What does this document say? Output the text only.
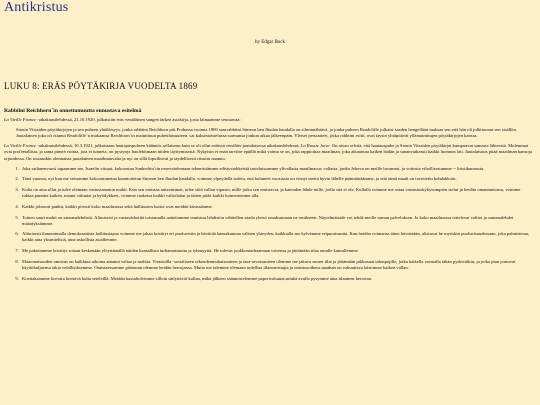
Antikristus
by Edgar Bock
LUKU 8: ERÄS PÖYTÄKIRJA VUODELTA 1869
Rabbiini Reichhorn´in onnettomuutta ennustava esitelmä

La Vieille France -aikakausilehdessä, 21.10.1920, julkaistiin eräs venäläinen sangen tärkeä asiakirja, josta lainaamme seuraavaa:

Sionin Viisaiden pöytäkirjojen ja sen puheen yhtäläisyys, jonka rabbiini Reichhorn piti Prahassa vuonna 1869 suurrabbiini Simeon ben Ihudan haudalla on silminnähtävä, ja jonka puheen Readcliffe julkaisi saaden hengellään maksaa sen että hän oli julkituonut sen sisällön. Juutalainen joka oli ottanut Readcliffe´n mukaansa Reichhorn´in mainittuun puhetilaisuuteen, sai kaksintaistelussa surmansa jonkun aikaa jälkeenpäin. Yleiset periaatteet, jotka rabbiini esitti, ovat täysin yhtäpitävät yllämainittujen pöytäkirjojen kanssa.

La Vieille France -aikakausilehdessä, 10.3.1921, julkaistaan hautajaispuheen käännös sellaisena kuin se oli ollut eräässä venäläis-juutalaisessa aikakauslehdessä, La Russie Juive. On aivan selvää, että hautauspuhe ja Sionin Viisaiden pöytäkirjat kumpuavat samasta lähteestä. Molemmat ovat profeetallisia, ja sama pimeä voima, jota ei tunneta, on pystynyt huolehtimaan niiden täyttymisestä. Nykyisin ei enää tarvitse epäillä mikä voima se on, joka rappioittaa maailman, joka aikaansaa kaiken hädän ja sananvaikeasti kaikki luonnon lait. Juutalaisuus pitää maailman kansoja orjuudessa. On tosiaankin olennaista juutalainen maailmanvalta ja nyt on sillä lopullisesti ja täydellisesti riisuttu naamio.

1. Joka sadanenvuosi tapaamme me, Israelin viisaat, kokoontua Sanhedrin´iin neuvottelemaan tekemistämme edistyssekkeisiä tasteluissamme ylivallasta maailmassa; vallasta, jonka Jehova on meille luvannut, ja voitosta vihollisestamme -- kristikunnasta.
2. Tänä vuonna, nyt kun me seisomme kokoontuneina kunnioitetun Simeon ben Ihudan haudalla, voimme ylpeydellä todeta, että kuluneet vuosisata on vienyt meitä hyvin lähelle päämääräämme, ja että tämä maali on tavoitettu kohdakkoin.
3. Kulta on aina ollut ja tulee olemaan vastustamaton mahti. Kun sen omistaa taitavimmat, tulee siitä vallan vipusin, niille jotka sen omistavat, ja kateuden lähde niille, joilla sitä ei ole. Kullalla voimme me ostaa vastustuskykyisimpien sielut ja heidän omantuntonsa, voimme ruhtaa punnita kaiken, mauut valuutat ja byödykkeet, voimme raaketsa kaikki valtiolaitat ja tätten pitää kaikki komentomme alla.
4. Kaikki johtavat pankit, kaikki pörssit koko maailmassa sekä hallitusten luotot ovat meidän käsissämme.
5. Toinen suuri mahti on sanomalehdistö. Alituisesti ja vastavärketitä toistamalla aatteitamme onnistuu lehdistön vähitellen saada yleisö omaksumaan ne omikseen. Näytelmätaide voi tehdä meille saman palveluksen. Ja koko maailmassa tottelevat valtiot ja sanomalehdet määräyksiämme.
6. Alituisesti ilanomimalla demokraattista hallitustapaa voimme me jakaa kristityt eri puolueisiin ja hävittää kansakunnan välisen yhteyden, kaikkialla me kylvämme eripuraisuutta. Kun heidän voimansa täten hävitetään, alistuvat he myöskin puolueisuudessaan, joka palmisteraa, kaikki aina yksimielisiä, aina uskollisia asiallemme.
7. Me pakottamme kristityt sotaan keskenään ylöyttämällä näiden kansallista turhamaisuutta ja tyhmyyttä. He tulevat joukkomurhaamaan toisensa ja jättämään tilaa omalle kansallemme.
8. Maaomaisuuden omistus on kaikkina aikoina antanut valtaa ja mahtia. Virastoilla -sosialiseen oikeudenmukaisuuteen ja tasa-arvoisuuteen olemme me jakava suuret tilat ja jättämään pikkusuat talonpojille, jotka kaikella voimalla tähän pyrkivätkin, ja jotka pian joutuvat käyttökuljaensa takia velallisiksemme. Omistaessamme pääoman olemme heidän herrojansa. Mutta me tulemme olemaan todellisa tilanomistajia ja omistusoikeus maahan on vakuuttava käsiimme kaiken vallan.
9. Koettakaamme korvata kiertävä kulta seteleillä. Meidän kassaholvimme silloin säilyttävät kullan, mikä jälkeen säännöstelemme paperivaluutat,minkä avulla pysymme aina tilanteen herroina.
